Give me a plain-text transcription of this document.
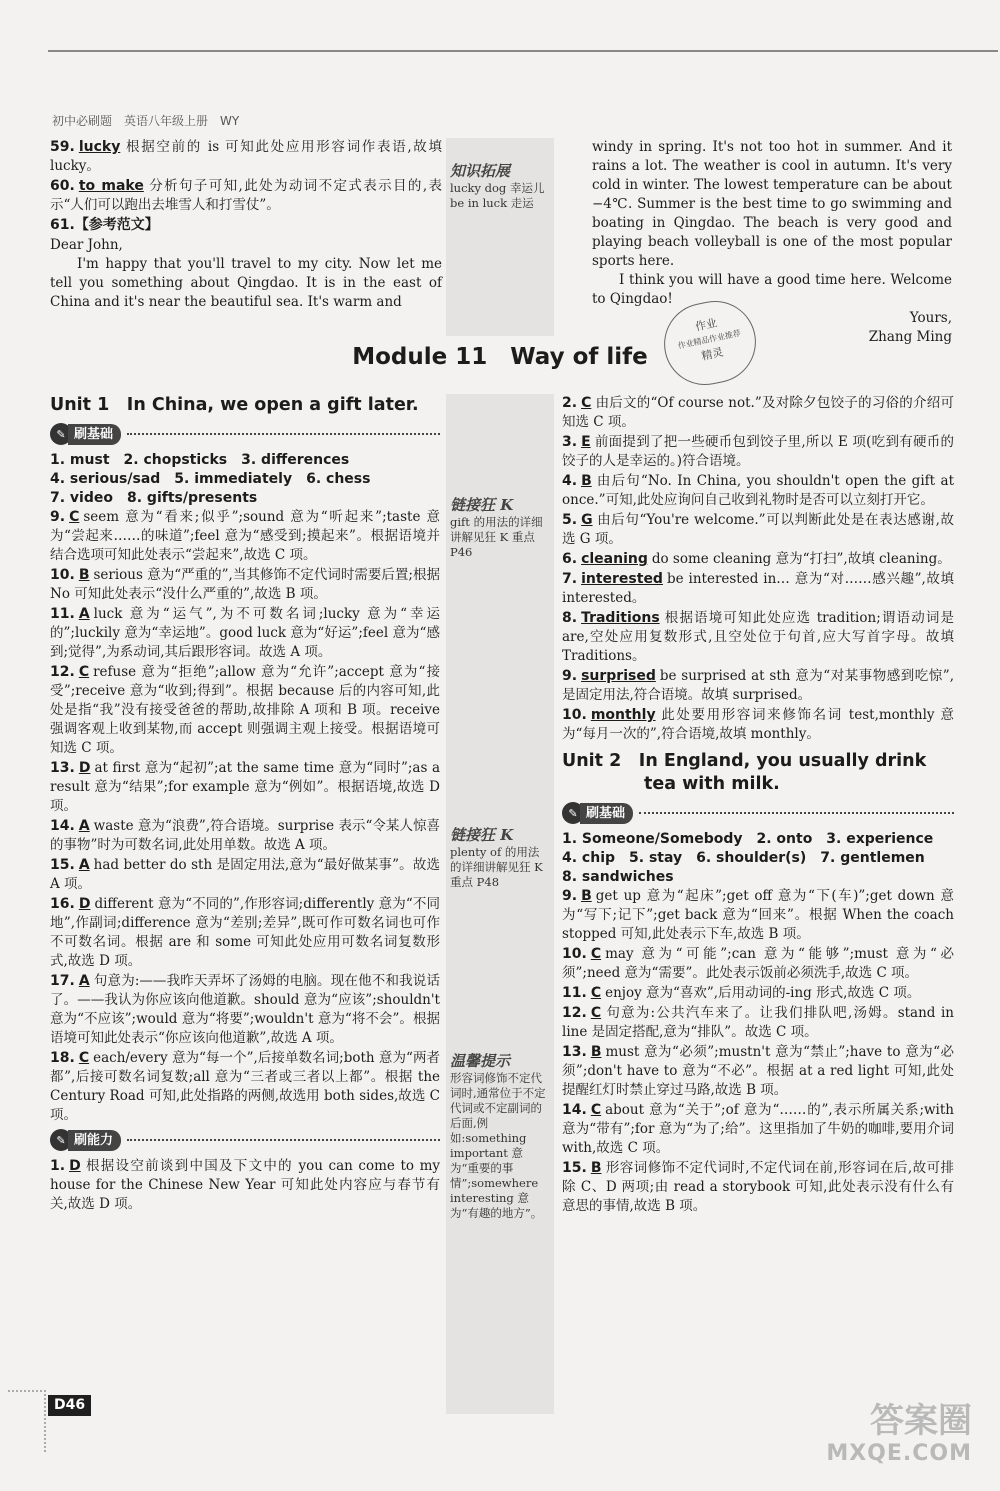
初中必刷题　英语八年级上册　WY

59. lucky 根据空前的 is 可知此处应用形容词作表语,故填lucky。

60. to make 分析句子可知,此处为动词不定式表示目的,表示“人们可以跑出去堆雪人和打雪仗”。

61.【参考范文】

Dear John,

I'm happy that you'll travel to my city. Now let me tell you something about Qingdao. It is in the east of China and it's near the beautiful sea. It's warm and

windy in spring. It's not too hot in summer. And it rains a lot. The weather is cool in autumn. It's very cold in winter. The lowest temperature can be about −4℃. Summer is the best time to go swimming and boating in Qingdao. The beach is very good and playing beach volleyball is one of the most popular sports here.

I think you will have a good time here. Welcome to Qingdao!

Yours,

Zhang Ming

作业
作业精品作业推荐
精灵
知识拓展
lucky dog 幸运儿 be in luck 走运
Module 11　Way of life
Unit 1　In China, we open a gift later.
✎ 刷基础

1. must　2. chopsticks　3. differences

4. serious/sad　5. immediately　6. chess

7. video　8. gifts/presents

9. C seem 意为“看来;似乎”;sound 意为“听起来”;taste 意为“尝起来……的味道”;feel 意为“感受到;摸起来”。根据语境并结合选项可知此处表示“尝起来”,故选 C 项。

10. B serious 意为“严重的”,当其修饰不定代词时需要后置;根据 No 可知此处表示“没什么严重的”,故选 B 项。

11. A luck 意为“运气”,为不可数名词;lucky 意为“幸运的”;luckily 意为“幸运地”。good luck 意为“好运”;feel 意为“感到;觉得”,为系动词,其后跟形容词。故选 A 项。

12. C refuse 意为“拒绝”;allow 意为“允许”;accept 意为“接受”;receive 意为“收到;得到”。根据 because 后的内容可知,此处是指“我”没有接受爸爸的帮助,故排除 A 项和 B 项。receive 强调客观上收到某物,而 accept 则强调主观上接受。根据语境可知选 C 项。

13. D at first 意为“起初”;at the same time 意为“同时”;as a result 意为“结果”;for example 意为“例如”。根据语境,故选 D 项。

14. A waste 意为“浪费”,符合语境。surprise 表示“令某人惊喜的事物”时为可数名词,此处用单数。故选 A 项。

15. A had better do sth 是固定用法,意为“最好做某事”。故选 A 项。

16. D different 意为“不同的”,作形容词;differently 意为“不同地”,作副词;difference 意为“差别;差异”,既可作可数名词也可作不可数名词。根据 are 和 some 可知此处应用可数名词复数形式,故选 D 项。

17. A 句意为:——我昨天弄坏了汤姆的电脑。现在他不和我说话了。——我认为你应该向他道歉。should 意为“应该”;shouldn't 意为“不应该”;would 意为“将要”;wouldn't 意为“将不会”。根据语境可知此处表示“你应该向他道歉”,故选 A 项。

18. C each/every 意为“每一个”,后接单数名词;both 意为“两者都”,后接可数名词复数;all 意为“三者或三者以上都”。根据 the Century Road 可知,此处指路的两侧,故选用 both sides,故选 C 项。

✎ 刷能力

1. D 根据设空前谈到中国及下文中的 you can come to my house for the Chinese New Year 可知此处内容应与春节有关,故选 D 项。

链接狂 K
gift 的用法的详细讲解见狂 K 重点 P46
链接狂 K
plenty of 的用法的详细讲解见狂 K 重点 P48
温馨提示
形容词修饰不定代词时,通常位于不定代词或不定副词的后面,例如:something important 意为“重要的事情”;somewhere interesting 意为“有趣的地方”。

2. C 由后文的“Of course not.”及对除夕包饺子的习俗的介绍可知选 C 项。

3. E 前面提到了把一些硬币包到饺子里,所以 E 项(吃到有硬币的饺子的人是幸运的。)符合语境。

4. B 由后句“No. In China, you shouldn't open the gift at once.”可知,此处应询问自己收到礼物时是否可以立刻打开它。

5. G 由后句“You're welcome.”可以判断此处是在表达感谢,故选 G 项。

6. cleaning do some cleaning 意为“打扫”,故填 cleaning。

7. interested be interested in… 意为“对……感兴趣”,故填 interested。

8. Traditions 根据语境可知此处应选 tradition;谓语动词是 are,空处应用复数形式,且空处位于句首,应大写首字母。故填 Traditions。

9. surprised be surprised at sth 意为“对某事物感到吃惊”,是固定用法,符合语境。故填 surprised。

10. monthly 此处要用形容词来修饰名词 test,monthly 意为“每月一次的”,符合语境,故填 monthly。

Unit 2　In England, you usually drink tea with milk.
✎ 刷基础

1. Someone/Somebody　2. onto　3. experience

4. chip　5. stay　6. shoulder(s)　7. gentlemen

8. sandwiches

9. B get up 意为“起床”;get off 意为“下(车)”;get down 意为“写下;记下”;get back 意为“回来”。根据 When the coach stopped 可知,此处表示下车,故选 B 项。

10. C may 意为“可能”;can 意为“能够”;must 意为“必须”;need 意为“需要”。此处表示饭前必须洗手,故选 C 项。

11. C enjoy 意为“喜欢”,后用动词的-ing 形式,故选 C 项。

12. C 句意为:公共汽车来了。让我们排队吧,汤姆。stand in line 是固定搭配,意为“排队”。故选 C 项。

13. B must 意为“必须”;mustn't 意为“禁止”;have to 意为“必须”;don't have to 意为“不必”。根据 at a red light 可知,此处提醒红灯时禁止穿过马路,故选 B 项。

14. C about 意为“关于”;of 意为“……的”,表示所属关系;with 意为“带有”;for 意为“为了;给”。这里指加了牛奶的咖啡,要用介词 with,故选 C 项。

15. B 形容词修饰不定代词时,不定代词在前,形容词在后,故可排除 C、D 两项;由 read a storybook 可知,此处表示没有什么有意思的事情,故选 B 项。

D46	答案圈
MXQE.COM
